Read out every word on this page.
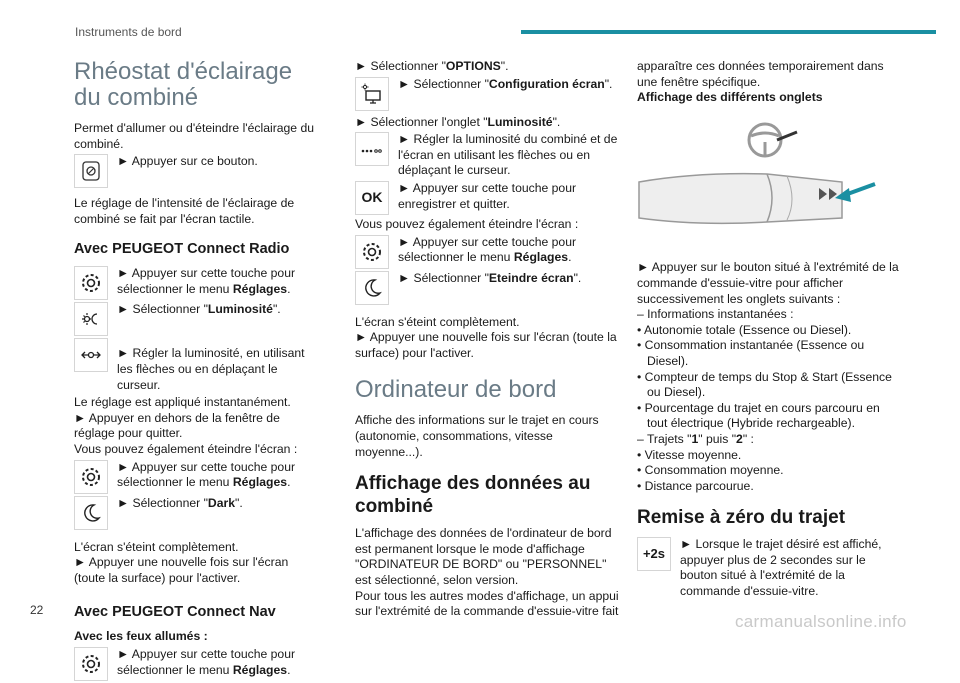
Instruments de bord
Rhéostat d'éclairage du combiné

Permet d'allumer ou d'éteindre l'éclairage du combiné.

► Appuyer sur ce bouton.

Le réglage de l'intensité de l'éclairage de combiné se fait par l'écran tactile.

Avec PEUGEOT Connect Radio

► Appuyer sur cette touche pour sélectionner le menu Réglages.

► Sélectionner "Luminosité".

► Régler la luminosité, en utilisant les flèches ou en déplaçant le curseur.

Le réglage est appliqué instantanément.

► Appuyer en dehors de la fenêtre de réglage pour quitter.

Vous pouvez également éteindre l'écran :

► Appuyer sur cette touche pour sélectionner le menu Réglages.

► Sélectionner "Dark".

L'écran s'éteint complètement.

► Appuyer une nouvelle fois sur l'écran (toute la surface) pour l'activer.

Avec PEUGEOT Connect Nav

Avec les feux allumés :

► Appuyer sur cette touche pour sélectionner le menu Réglages.

► Sélectionner "OPTIONS".

► Sélectionner "Configuration écran".

► Sélectionner l'onglet "Luminosité".

► Régler la luminosité du combiné et de l'écran en utilisant les flèches ou en déplaçant le curseur.

OK

► Appuyer sur cette touche pour enregistrer et quitter.

Vous pouvez également éteindre l'écran :

► Appuyer sur cette touche pour sélectionner le menu Réglages.

► Sélectionner "Eteindre écran".

L'écran s'éteint complètement.

► Appuyer une nouvelle fois sur l'écran (toute la surface) pour l'activer.

Ordinateur de bord

Affiche des informations sur le trajet en cours (autonomie, consommations, vitesse moyenne...).

Affichage des données au combiné

L'affichage des données de l'ordinateur de bord est permanent lorsque le mode d'affichage "ORDINATEUR DE BORD" ou "PERSONNEL" est sélectionné, selon version.

Pour tous les autres modes d'affichage, un appui sur l'extrémité de la commande d'essuie-vitre fait

apparaître ces données temporairement dans une fenêtre spécifique.

Affichage des différents onglets

► Appuyer sur le bouton situé à l'extrémité de la commande d'essuie-vitre pour afficher successivement les onglets suivants :

– Informations instantanées :

• Autonomie totale (Essence ou Diesel).

• Consommation instantanée (Essence ou Diesel).

• Compteur de temps du Stop & Start (Essence ou Diesel).

• Pourcentage du trajet en cours parcouru en tout électrique (Hybride rechargeable).

– Trajets "1" puis "2" :

• Vitesse moyenne.

• Consommation moyenne.

• Distance parcourue.

Remise à zéro du trajet
+2s

► Lorsque le trajet désiré est affiché, appuyer plus de 2 secondes sur le bouton situé à l'extrémité de la commande d'essuie-vitre.

22
carmanualsonline.info
